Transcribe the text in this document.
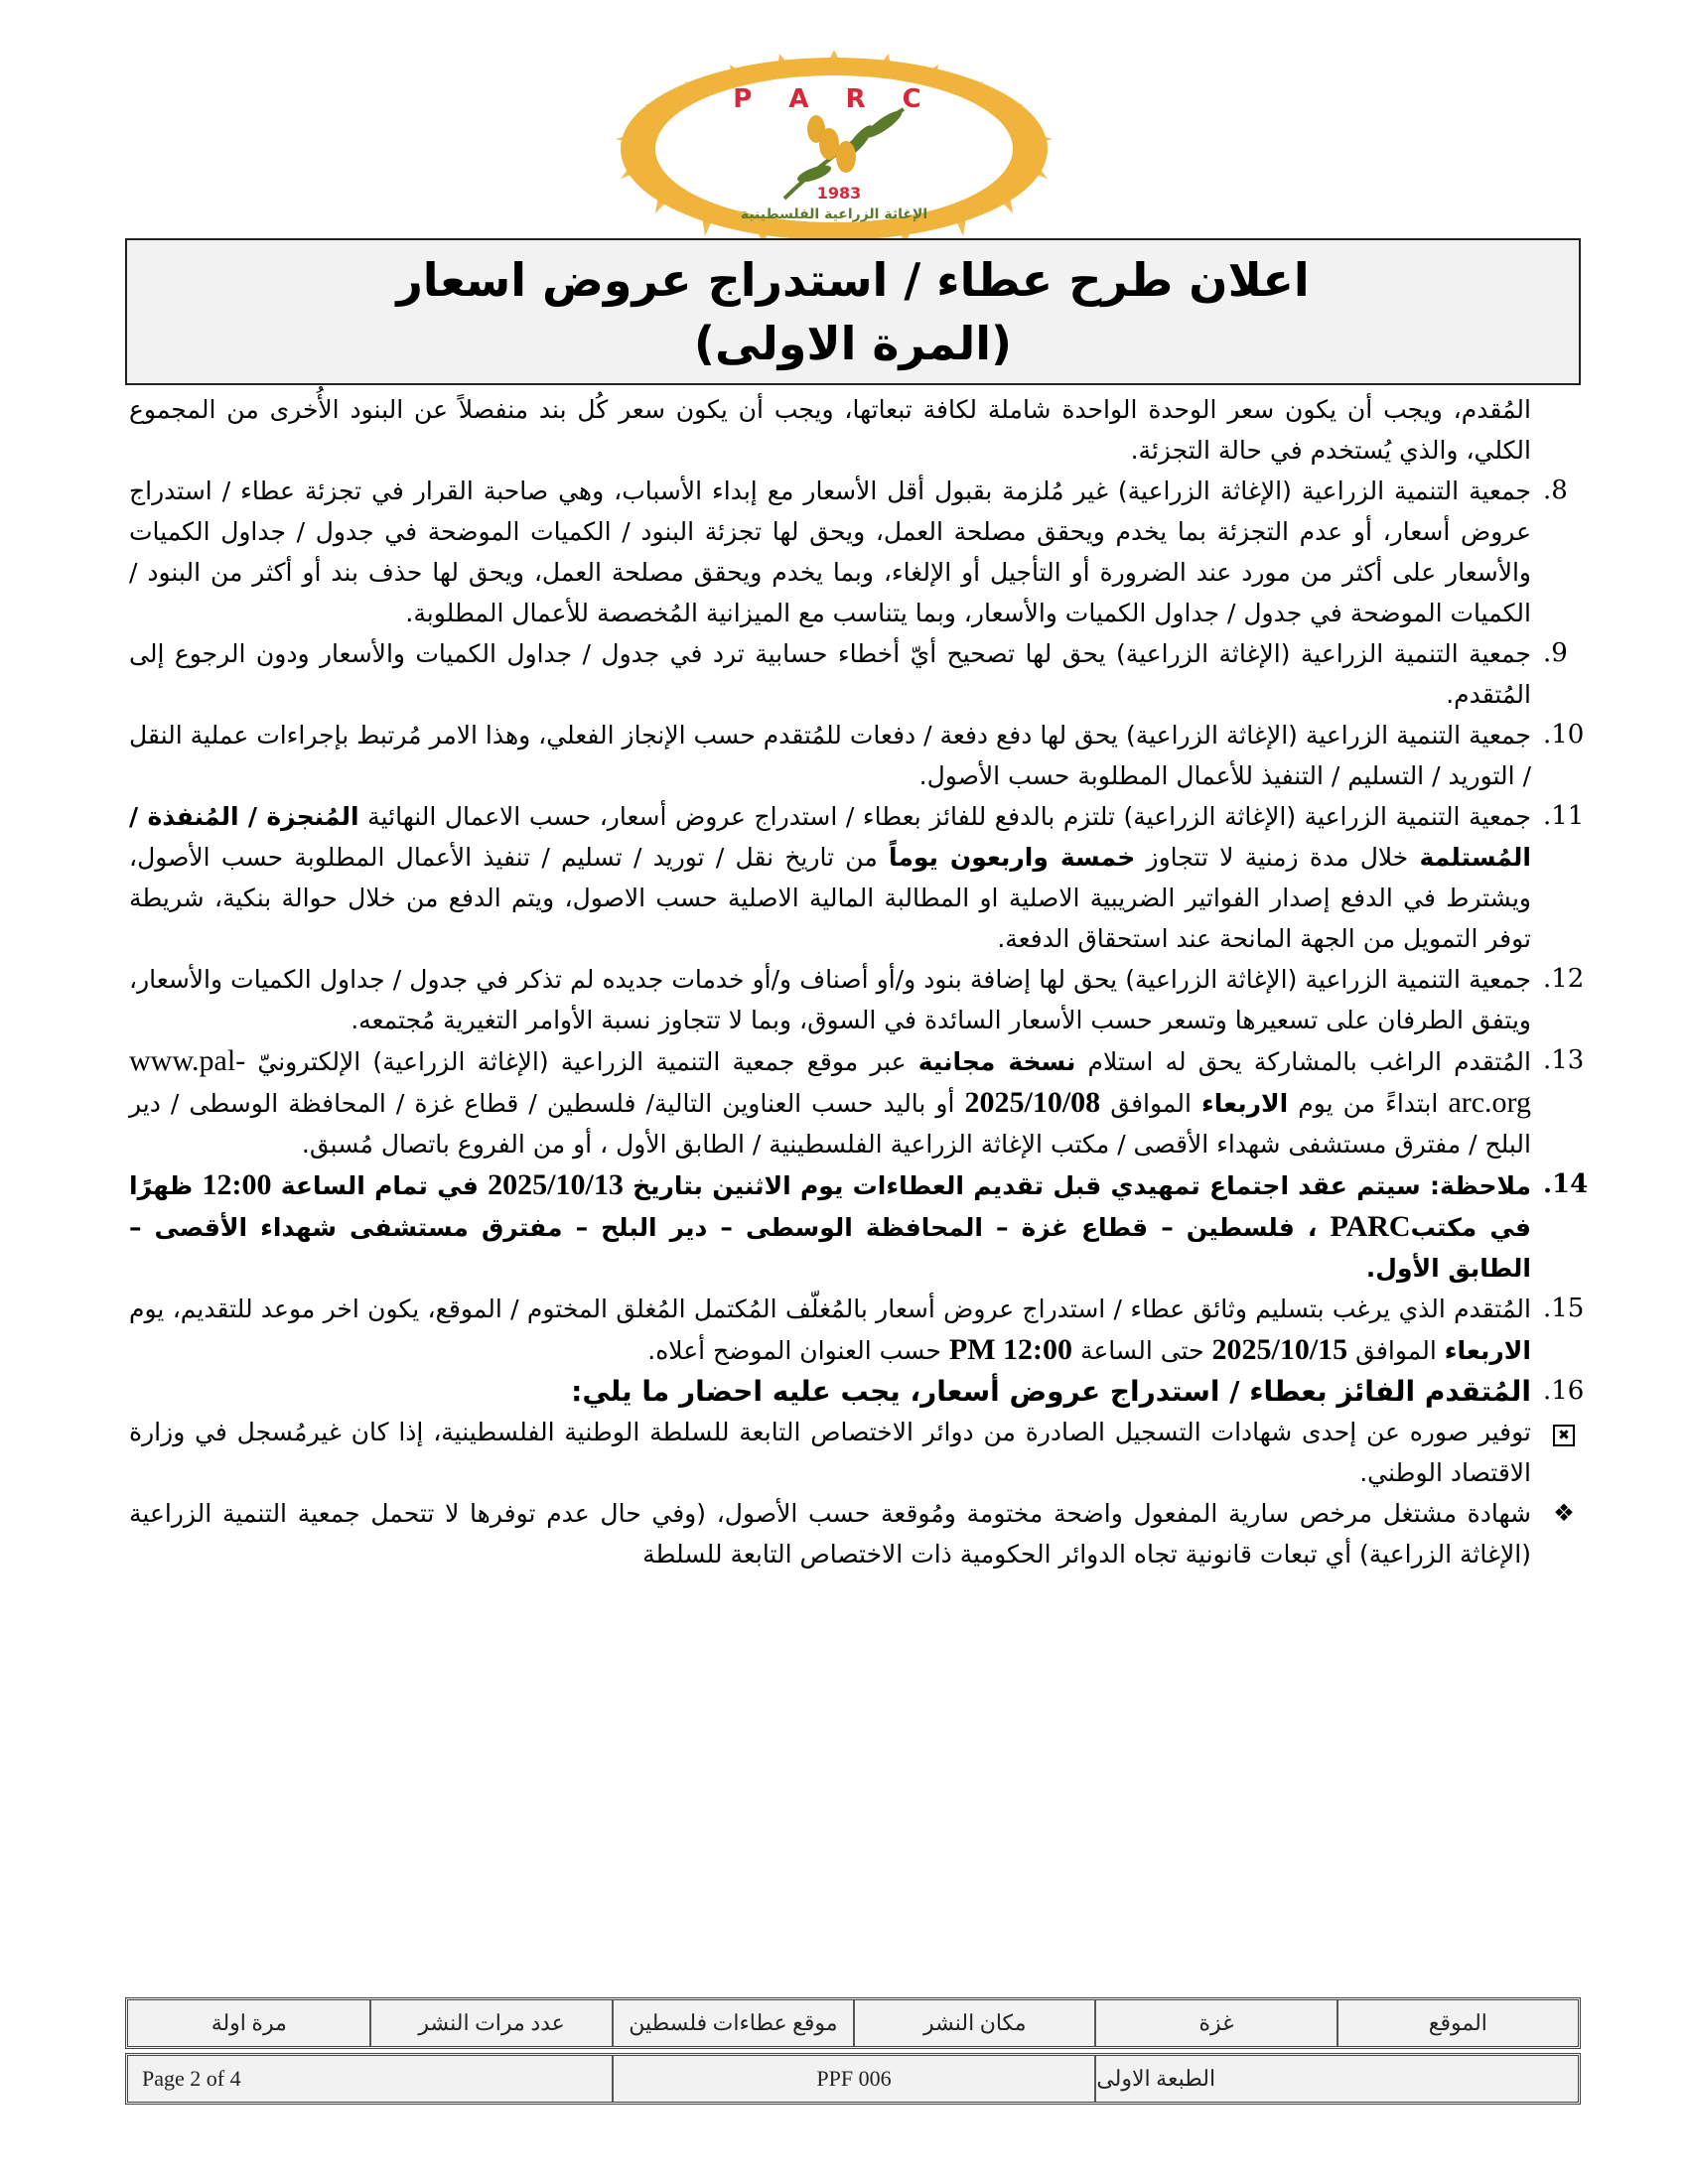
P A R C
1983
الإغاثة الزراعية الفلسطينية
اعلان طرح عطاء / استدراج عروض اسعار
(المرة الاولى)
المُقدم، ويجب أن يكون سعر الوحدة الواحدة شاملة لكافة تبعاتها، ويجب أن يكون سعر كُل بند منفصلاً عن البنود الأُخرى من المجموع الكلي، والذي يُستخدم في حالة التجزئة.
.8

جمعية التنمية الزراعية (الإغاثة الزراعية) غير مُلزمة بقبول أقل الأسعار مع إبداء الأسباب، وهي صاحبة القرار في تجزئة عطاء / استدراج عروض أسعار، أو عدم التجزئة بما يخدم ويحقق مصلحة العمل، ويحق لها تجزئة البنود / الكميات الموضحة في جدول / جداول الكميات والأسعار على أكثر من مورد عند الضرورة أو التأجيل أو الإلغاء، وبما يخدم ويحقق مصلحة العمل، ويحق لها حذف بند أو أكثر من البنود / الكميات الموضحة في جدول / جداول الكميات والأسعار، وبما يتناسب مع الميزانية المُخصصة للأعمال المطلوبة.

.9

جمعية التنمية الزراعية (الإغاثة الزراعية) يحق لها تصحيح أيّ أخطاء حسابية ترد في جدول / جداول الكميات والأسعار ودون الرجوع إلى المُتقدم.

.10

جمعية التنمية الزراعية (الإغاثة الزراعية) يحق لها دفع دفعة / دفعات للمُتقدم حسب الإنجاز الفعلي، وهذا الامر مُرتبط بإجراءات عملية النقل / التوريد / التسليم / التنفيذ للأعمال المطلوبة حسب الأصول.

.11

جمعية التنمية الزراعية (الإغاثة الزراعية) تلتزم بالدفع للفائز بعطاء / استدراج عروض أسعار، حسب الاعمال النهائية المُنجزة / المُنفذة / المُستلمة خلال مدة زمنية لا تتجاوز خمسة واربعون يوماً من تاريخ نقل / توريد / تسليم / تنفيذ الأعمال المطلوبة حسب الأصول، ويشترط في الدفع إصدار الفواتير الضريبية الاصلية او المطالبة المالية الاصلية حسب الاصول، ويتم الدفع من خلال حوالة بنكية، شريطة توفر التمويل من الجهة المانحة عند استحقاق الدفعة.

.12

جمعية التنمية الزراعية (الإغاثة الزراعية) يحق لها إضافة بنود و/أو أصناف و/أو خدمات جديده لم تذكر في جدول / جداول الكميات والأسعار، ويتفق الطرفان على تسعيرها وتسعر حسب الأسعار السائدة في السوق، وبما لا تتجاوز نسبة الأوامر التغيرية مُجتمعه.

.13

المُتقدم الراغب بالمشاركة يحق له استلام نسخة مجانية عبر موقع جمعية التنمية الزراعية (الإغاثة الزراعية) الإلكترونيّ www.pal-arc.org ابتداءً من يوم الاربعاء الموافق 2025/10/08 أو باليد حسب العناوين التالية/ فلسطين / قطاع غزة / المحافظة الوسطى / دير البلح / مفترق مستشفى شهداء الأقصى / مكتب الإغاثة الزراعية الفلسطينية / الطابق الأول ، أو من الفروع باتصال مُسبق.

.14

ملاحظة: سيتم عقد اجتماع تمهيدي قبل تقديم العطاءات يوم الاثنين بتاريخ 2025/10/13 في تمام الساعة 12:00 ظهرًا في مكتبPARC ، فلسطين – قطاع غزة – المحافظة الوسطى – دير البلح – مفترق مستشفى شهداء الأقصى – الطابق الأول.

.15

المُتقدم الذي يرغب بتسليم وثائق عطاء / استدراج عروض أسعار بالمُغلّف المُكتمل المُغلق المختوم / الموقع، يكون اخر موعد للتقديم، يوم الاربعاء الموافق 2025/10/15 حتى الساعة 12:00 PM حسب العنوان الموضح أعلاه.

.16

المُتقدم الفائز بعطاء / استدراج عروض أسعار، يجب عليه احضار ما يلي:

✖

توفير صوره عن إحدى شهادات التسجيل الصادرة من دوائر الاختصاص التابعة للسلطة الوطنية الفلسطينية، إذا كان غيرمُسجل في وزارة الاقتصاد الوطني.

❖

شهادة مشتغل مرخص سارية المفعول واضحة مختومة ومُوقعة حسب الأصول، (وفي حال عدم توفرها لا تتحمل جمعية التنمية الزراعية (الإغاثة الزراعية) أي تبعات قانونية تجاه الدوائر الحكومية ذات الاختصاص التابعة للسلطة

الموقع
غزة
مكان النشر
موقع عطاءات فلسطين
عدد مرات النشر
مرة اولة
الطبعة الاولى
PPF 006
Page 2 of 4
